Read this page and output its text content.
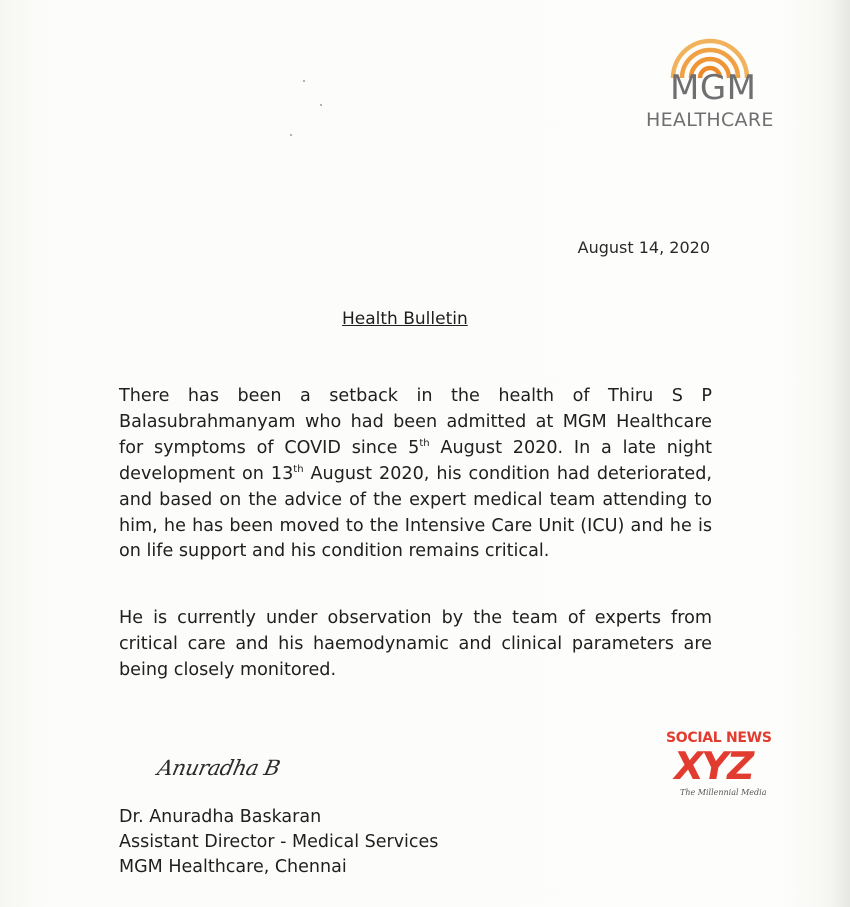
MGM
HEALTHCARE
August 14, 2020
Health Bulletin
There has been a setback in the health of Thiru S P Balasubrahmanyam who had been admitted at MGM Healthcare for symptoms of COVID since 5th August 2020. In a late night development on 13th August 2020, his condition had deteriorated, and based on the advice of the expert medical team attending to him, he has been moved to the Intensive Care Unit (ICU) and he is on life support and his condition remains critical.
He is currently under observation by the team of experts from critical care and his haemodynamic and clinical parameters are being closely monitored.
Anuradha B
Dr. Anuradha Baskaran
Assistant Director - Medical Services
MGM Healthcare, Chennai
SOCIAL NEWS
XYZ
The Millennial Media
